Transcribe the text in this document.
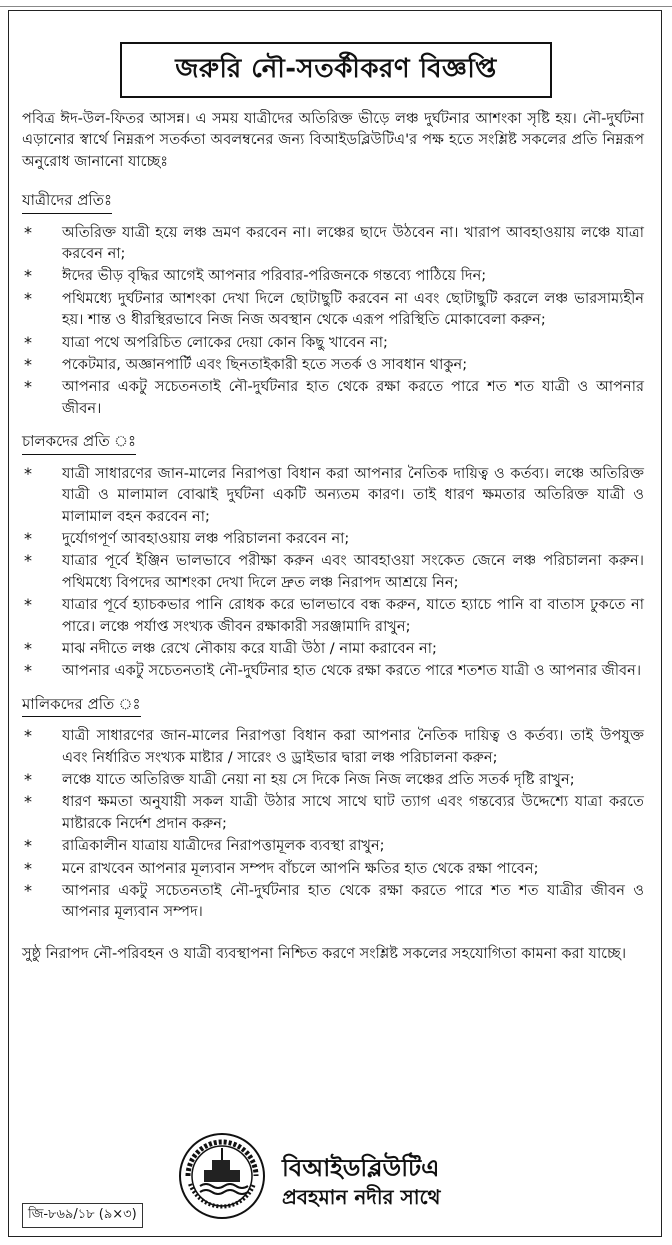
জরুরি নৌ-সতর্কীকরণ বিজ্ঞপ্তি

পবিত্র ঈদ-উল-ফিতর আসন্ন। এ সময় যাত্রীদের অতিরিক্ত ভীড়ে লঞ্চ দুর্ঘটনার আশংকা সৃষ্টি হয়। নৌ-দুর্ঘটনা এড়ানোর স্বার্থে নিম্নরূপ সতর্কতা অবলম্বনের জন্য বিআইডব্লিউটিএ'র পক্ষ হতে সংশ্লিষ্ট সকলের প্রতি নিম্নরূপ অনুরোধ জানানো যাচ্ছেঃ

যাত্রীদের প্রতিঃ
*	অতিরিক্ত যাত্রী হয়ে লঞ্চ ভ্রমণ করবেন না। লঞ্চের ছাদে উঠবেন না। খারাপ আবহাওয়ায় লঞ্চে যাত্রা করবেন না;
*	ঈদের ভীড় বৃদ্ধির আগেই আপনার পরিবার-পরিজনকে গন্তব্যে পাঠিয়ে দিন;
*	পথিমধ্যে দুর্ঘটনার আশংকা দেখা দিলে ছোটাছুটি করবেন না এবং ছোটাছুটি করলে লঞ্চ ভারসাম্যহীন হয়। শান্ত ও ধীরস্থিরভাবে নিজ নিজ অবস্থান থেকে এরূপ পরিস্থিতি মোকাবেলা করুন;
*	যাত্রা পথে অপরিচিত লোকের দেয়া কোন কিছু খাবেন না;
*	পকেটমার, অজ্ঞানপার্টি এবং ছিনতাইকারী হতে সতর্ক ও সাবধান থাকুন;
*	আপনার একটু সচেতনতাই নৌ-দুর্ঘটনার হাত থেকে রক্ষা করতে পারে শত শত যাত্রী ও আপনার জীবন।
চালকদের প্রতি ঃ
*	যাত্রী সাধারণের জান-মালের নিরাপত্তা বিধান করা আপনার নৈতিক দায়িত্ব ও কর্তব্য। লঞ্চে অতিরিক্ত যাত্রী ও মালামাল বোঝাই দুর্ঘটনা একটি অন্যতম কারণ। তাই ধারণ ক্ষমতার অতিরিক্ত যাত্রী ও মালামাল বহন করবেন না;
*	দুর্যোগপূর্ণ আবহাওয়ায় লঞ্চ পরিচালনা করবেন না;
*	যাত্রার পূর্বে ইঞ্জিন ভালভাবে পরীক্ষা করুন এবং আবহাওয়া সংকেত জেনে লঞ্চ পরিচালনা করুন। পথিমধ্যে বিপদের আশংকা দেখা দিলে দ্রুত লঞ্চ নিরাপদ আশ্রয়ে নিন;
*	যাত্রার পূর্বে হ্যাচকভার পানি রোধক করে ভালভাবে বন্ধ করুন, যাতে হ্যাচে পানি বা বাতাস ঢুকতে না পারে। লঞ্চে পর্যাপ্ত সংখ্যক জীবন রক্ষাকারী সরঞ্জামাদি রাখুন;
*	মাঝ নদীতে লঞ্চ রেখে নৌকায় করে যাত্রী উঠা / নামা করাবেন না;
*	আপনার একটু সচেতনতাই নৌ-দুর্ঘটনার হাত থেকে রক্ষা করতে পারে শতশত যাত্রী ও আপনার জীবন।
মালিকদের প্রতি ঃ
*	যাত্রী সাধারণের জান-মালের নিরাপত্তা বিধান করা আপনার নৈতিক দায়িত্ব ও কর্তব্য। তাই উপযুক্ত এবং নির্ধারিত সংখ্যক মাষ্টার / সারেং ও ড্রাইভার দ্বারা লঞ্চ পরিচালনা করুন;
*	লঞ্চে যাতে অতিরিক্ত যাত্রী নেয়া না হয় সে দিকে নিজ নিজ লঞ্চের প্রতি সতর্ক দৃষ্টি রাখুন;
*	ধারণ ক্ষমতা অনুযায়ী সকল যাত্রী উঠার সাথে সাথে ঘাট ত্যাগ এবং গন্তব্যের উদ্দেশ্যে যাত্রা করতে মাষ্টারকে নির্দেশ প্রদান করুন;
*	রাত্রিকালীন যাত্রায় যাত্রীদের নিরাপত্তামূলক ব্যবস্থা রাখুন;
*	মনে রাখবেন আপনার মূল্যবান সম্পদ বাঁচলে আপনি ক্ষতির হাত থেকে রক্ষা পাবেন;
*	আপনার একটু সচেতনতাই নৌ-দুর্ঘটনার হাত থেকে রক্ষা করতে পারে শত শত যাত্রীর জীবন ও আপনার মূল্যবান সম্পদ।

সুষ্ঠু নিরাপদ নৌ-পরিবহন ও যাত্রী ব্যবস্থাপনা নিশ্চিত করণে সংশ্লিষ্ট সকলের সহযোগিতা কামনা করা যাচ্ছে।

বিআইডব্লিউটিএ
প্রবহমান নদীর সাথে
জি-৮৬৯/১৮ (৯×৩)
